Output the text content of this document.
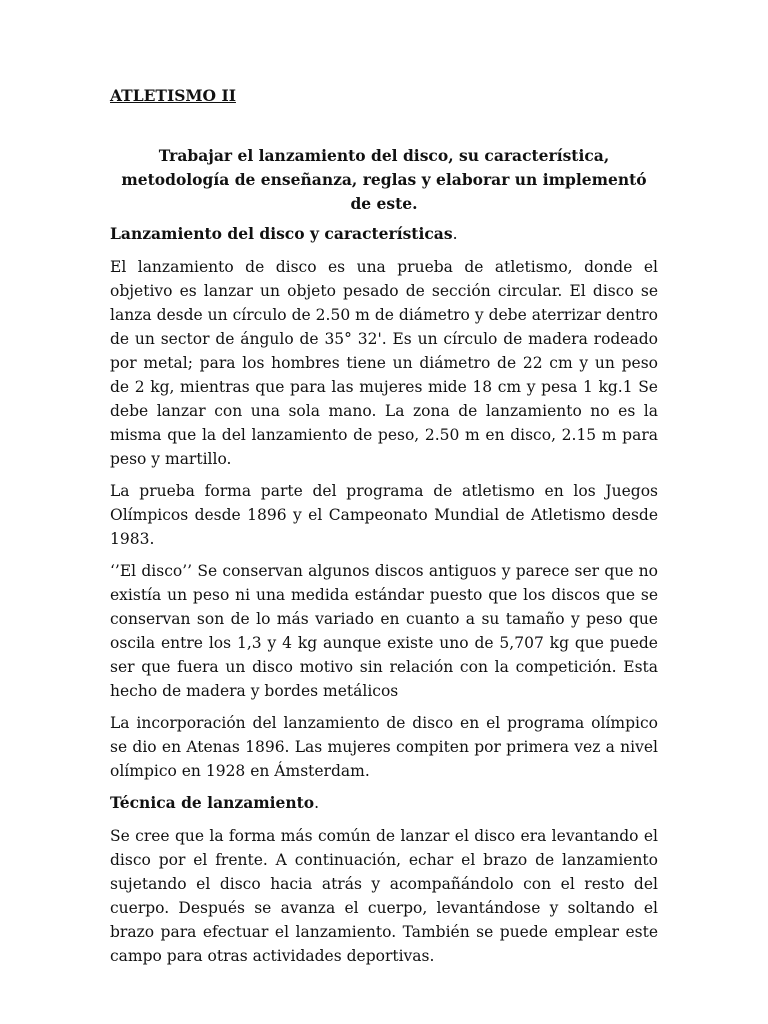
ATLETISMO II
Trabajar el lanzamiento del disco, su característica, metodología de enseñanza, reglas y elaborar un implementó de este.
Lanzamiento del disco y características.

El lanzamiento de disco es una prueba de atletismo, donde el objetivo es lanzar un objeto pesado de sección circular. El disco se lanza desde un círculo de 2.50 m de diámetro y debe aterrizar dentro de un sector de ángulo de 35° 32'. Es un círculo de madera rodeado por metal; para los hombres tiene un diámetro de 22 cm y un peso de 2 kg, mientras que para las mujeres mide 18 cm y pesa 1 kg.1 Se debe lanzar con una sola mano. La zona de lanzamiento no es la misma que la del lanzamiento de peso, 2.50 m en disco, 2.15 m para peso y martillo.

La prueba forma parte del programa de atletismo en los Juegos Olímpicos desde 1896 y el Campeonato Mundial de Atletismo desde 1983.

‘’El disco’’ Se conservan algunos discos antiguos y parece ser que no existía un peso ni una medida estándar puesto que los discos que se conservan son de lo más variado en cuanto a su tamaño y peso que oscila entre los 1,3 y 4 kg aunque existe uno de 5,707 kg que puede ser que fuera un disco motivo sin relación con la competición. Esta hecho de madera y bordes metálicos

La incorporación del lanzamiento de disco en el programa olímpico se dio en Atenas 1896. Las mujeres compiten por primera vez a nivel olímpico en 1928 en Ámsterdam.

Técnica de lanzamiento.

Se cree que la forma más común de lanzar el disco era levantando el disco por el frente. A continuación, echar el brazo de lanzamiento sujetando el disco hacia atrás y acompañándolo con el resto del cuerpo. Después se avanza el cuerpo, levantándose y soltando el brazo para efectuar el lanzamiento. También se puede emplear este campo para otras actividades deportivas.
